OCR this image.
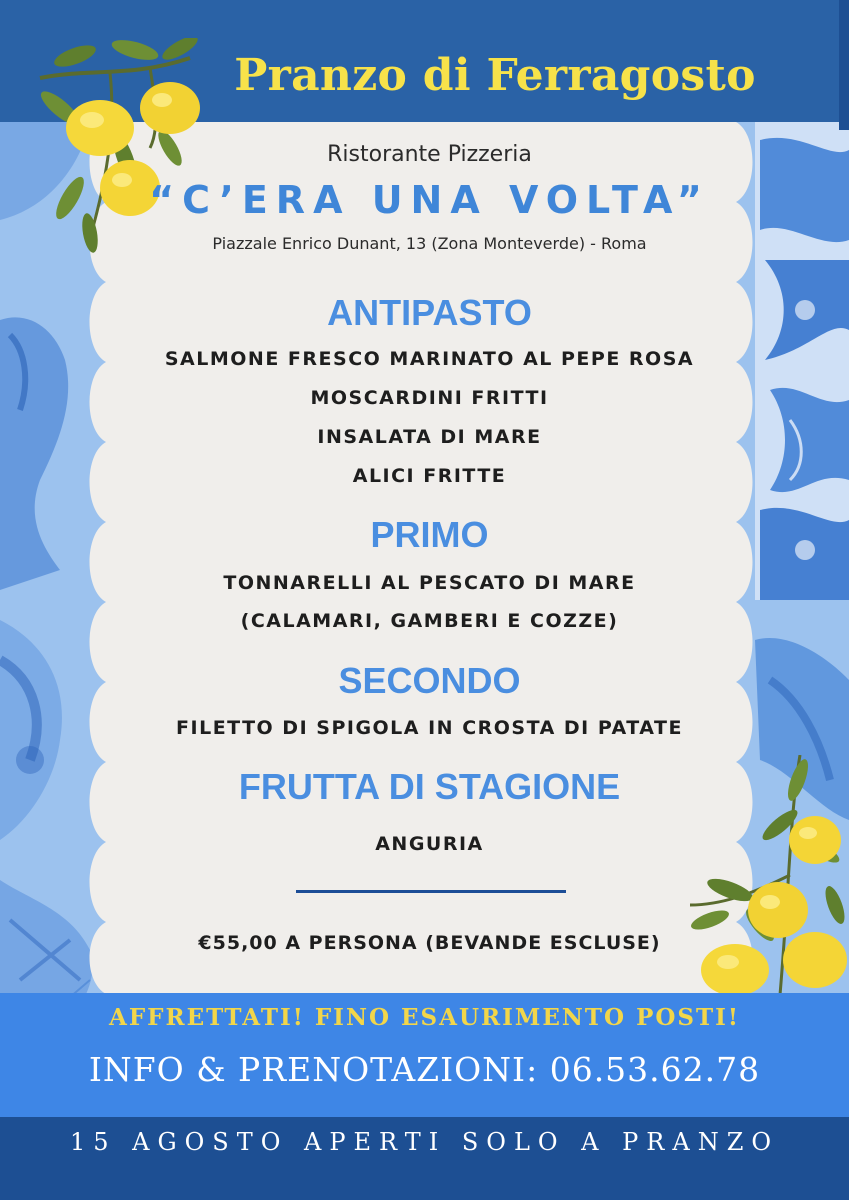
Pranzo di Ferragosto
Ristorante Pizzeria
“C’ERA UNA VOLTA”
Piazzale Enrico Dunant, 13 (Zona Monteverde) - Roma
ANTIPASTO
SALMONE FRESCO MARINATO AL PEPE ROSA
MOSCARDINI FRITTI
INSALATA DI MARE
ALICI FRITTE
PRIMO
TONNARELLI AL PESCATO DI MARE
(CALAMARI, GAMBERI E COZZE)
SECONDO
FILETTO DI SPIGOLA IN CROSTA DI PATATE
FRUTTA DI STAGIONE
ANGURIA
€55,00 A PERSONA (BEVANDE ESCLUSE)
AFFRETTATI! FINO ESAURIMENTO POSTI!
INFO & PRENOTAZIONI: 06.53.62.78
15 AGOSTO APERTI SOLO A PRANZO
